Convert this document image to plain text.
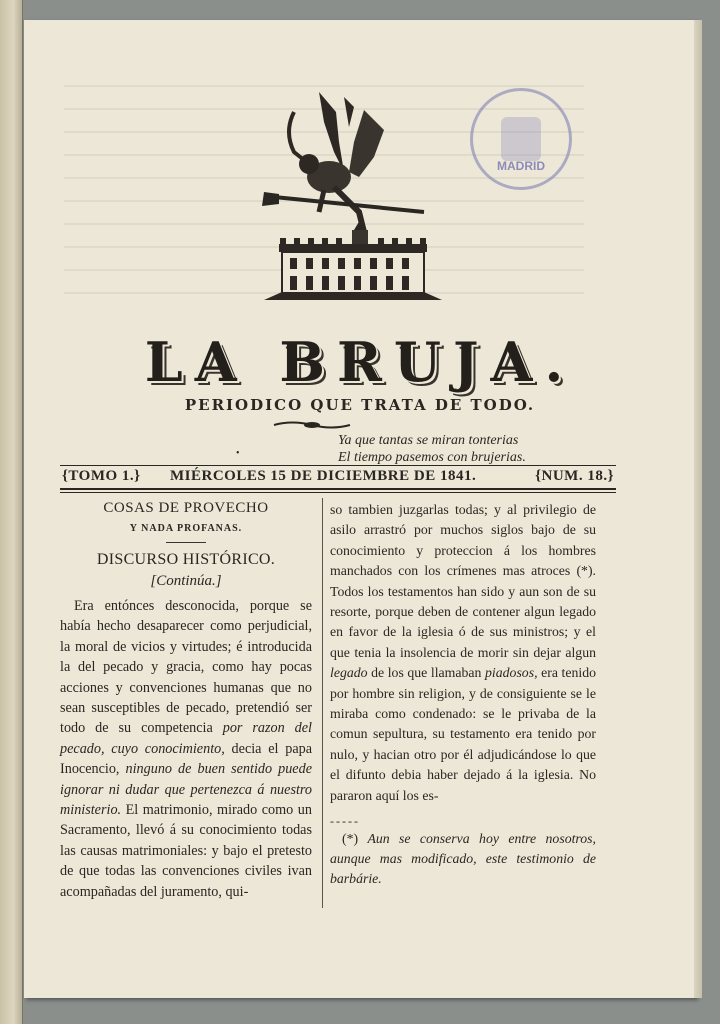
MADRID
LA BRUJA.
PERIODICO QUE TRATA DE TODO.
•
Ya que tantas se miran tonterias
El tiempo pasemos con brujerias.
{TOMO 1.} MIÉRCOLES 15 DE DICIEMBRE DE 1841.	{NUM. 18.}
COSAS DE PROVECHO
Y NADA PROFANAS.
DISCURSO HISTÓRICO.
[Continúa.]
Era entónces desconocida, porque se había hecho desaparecer como perjudicial, la moral de vicios y virtudes; é introducida la del pecado y gracia, como hay pocas acciones y convenciones humanas que no sean susceptibles de pecado, pretendió ser todo de su competencia por razon del pecado, cuyo conocimiento, decia el papa Inocencio, ninguno de buen sentido puede ignorar ni dudar que pertenezca á nuestro ministerio. El matrimonio, mirado como un Sacramento, llevó á su conocimiento todas las causas matrimoniales: y bajo el pretesto de que todas las convenciones civiles ivan acompañadas del juramento, qui-
so tambien juzgarlas todas; y al privilegio de asilo arrastró por muchos siglos bajo de su conocimiento y proteccion á los hombres manchados con los crímenes mas atroces (*). Todos los testamentos han sido y aun son de su resorte, porque deben de contener algun legado en favor de la iglesia ó de sus ministros; y el que tenia la insolencia de morir sin dejar algun legado de los que llamaban piadosos, era tenido por hombre sin religion, y de consiguiente se le miraba como condenado: se le privaba de la comun sepultura, su testamento era tenido por nulo, y hacian otro por él adjudicándose lo que el difunto debia haber dejado á la iglesia. No pararon aquí los es-
-----
(*) Aun se conserva hoy entre nosotros, aunque mas modificado, este testimonio de barbárie.
